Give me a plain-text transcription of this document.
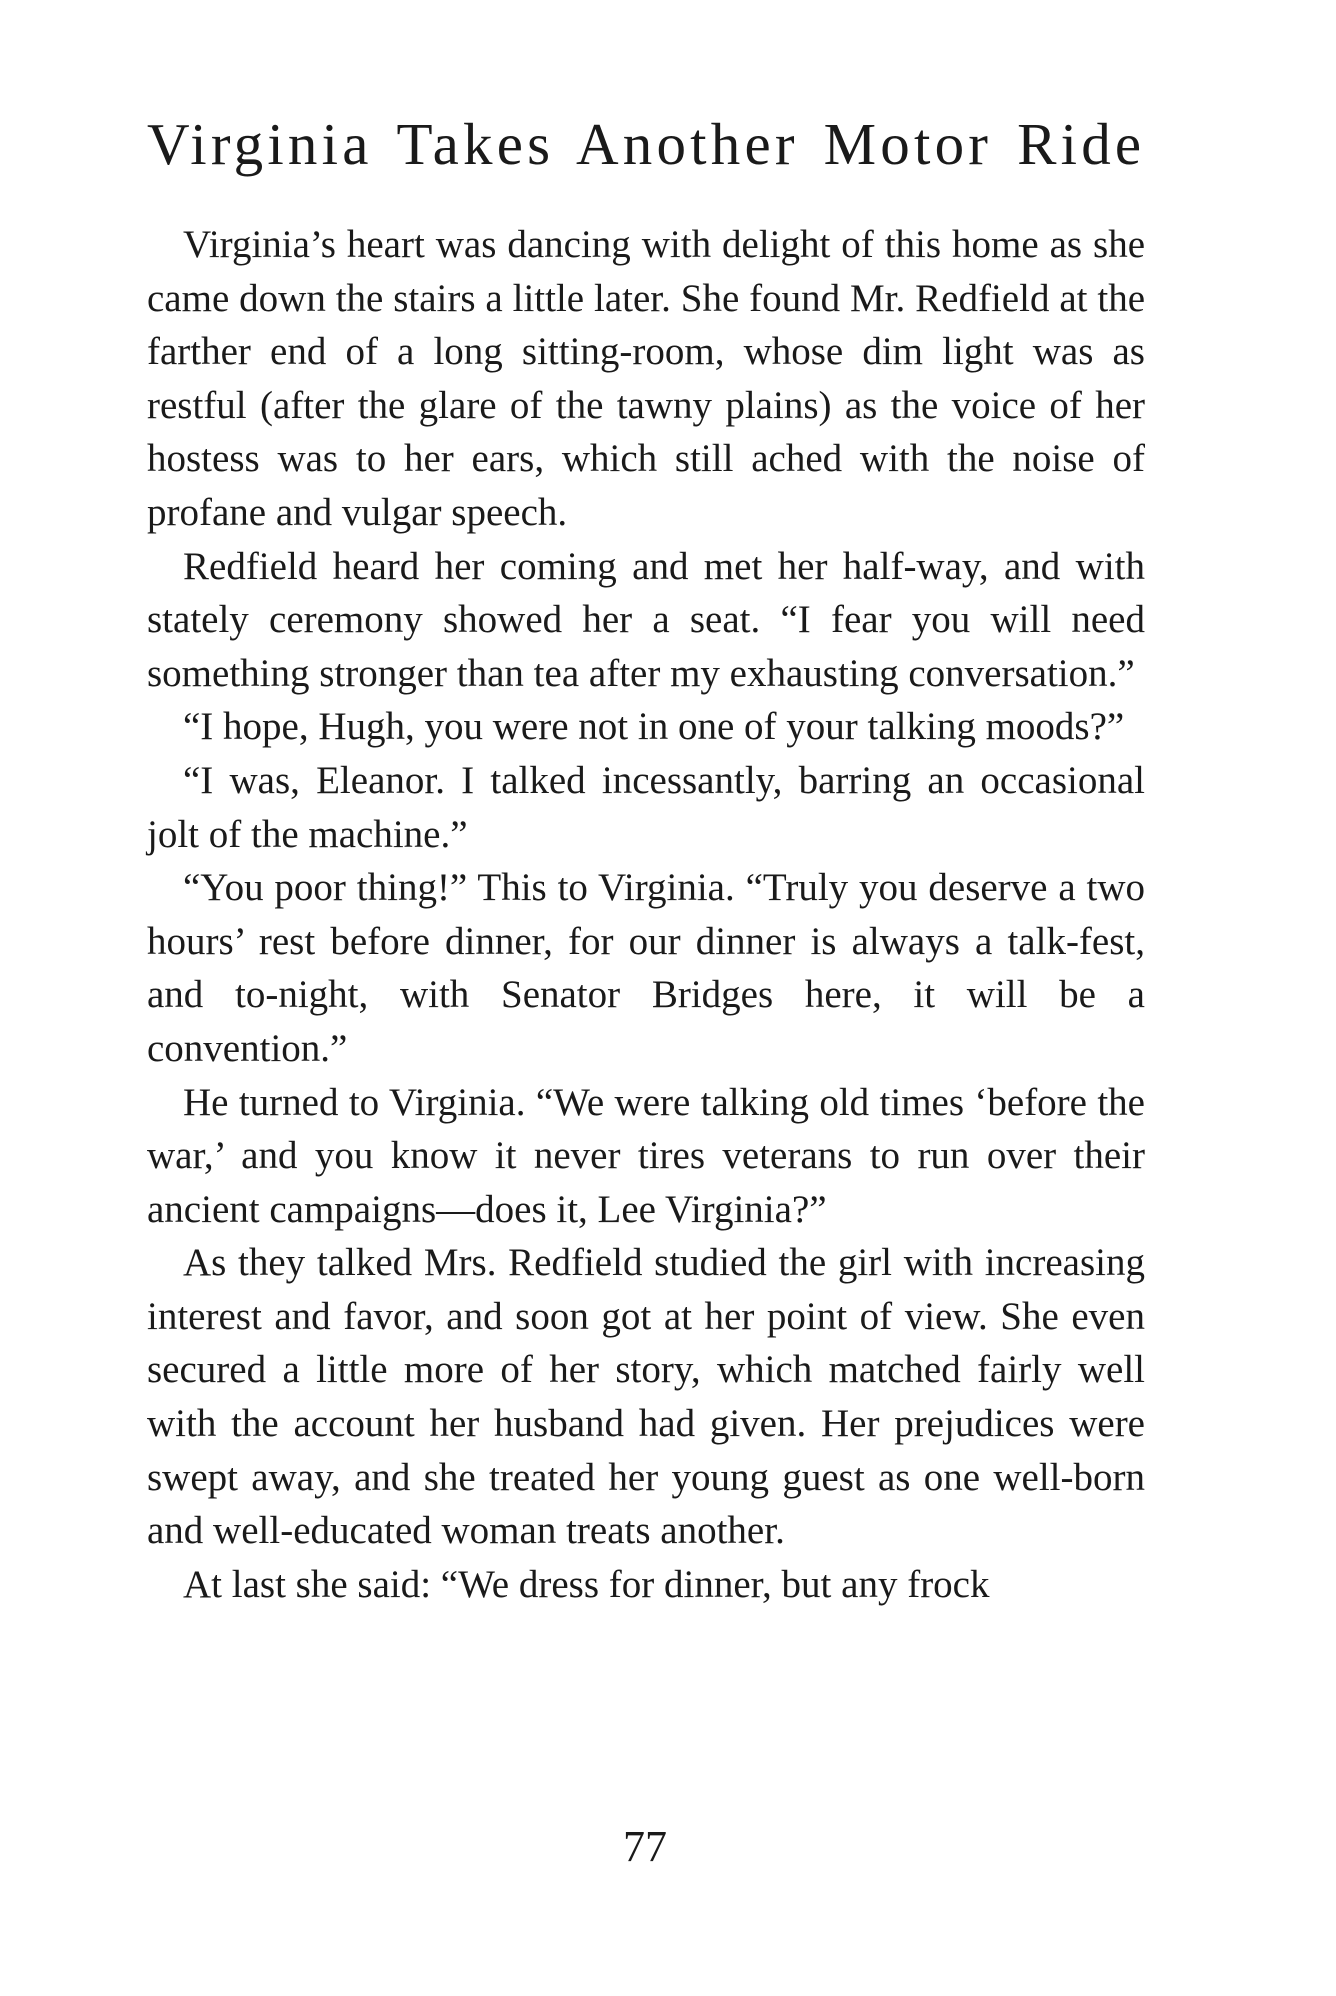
Virginia Takes Another Motor Ride

Virginia’s heart was dancing with delight of this home as she came down the stairs a little later. She found Mr. Redfield at the farther end of a long sitting-room, whose dim light was as restful (after the glare of the tawny plains) as the voice of her hostess was to her ears, which still ached with the noise of profane and vulgar speech.

Redfield heard her coming and met her half-way, and with stately ceremony showed her a seat. “I fear you will need something stronger than tea after my exhausting conversation.”

“I hope, Hugh, you were not in one of your talking moods?”

“I was, Eleanor. I talked incessantly, barring an occasional jolt of the machine.”

“You poor thing!” This to Virginia. “Truly you deserve a two hours’ rest before dinner, for our dinner is always a talk-fest, and to-night, with Senator Bridges here, it will be a convention.”

He turned to Virginia. “We were talking old times ‘before the war,’ and you know it never tires veterans to run over their ancient campaigns—does it, Lee Virginia?”

As they talked Mrs. Redfield studied the girl with increasing interest and favor, and soon got at her point of view. She even secured a little more of her story, which matched fairly well with the account her husband had given. Her prejudices were swept away, and she treated her young guest as one well-born and well-educated woman treats another.

At last she said: “We dress for dinner, but any frock

77
